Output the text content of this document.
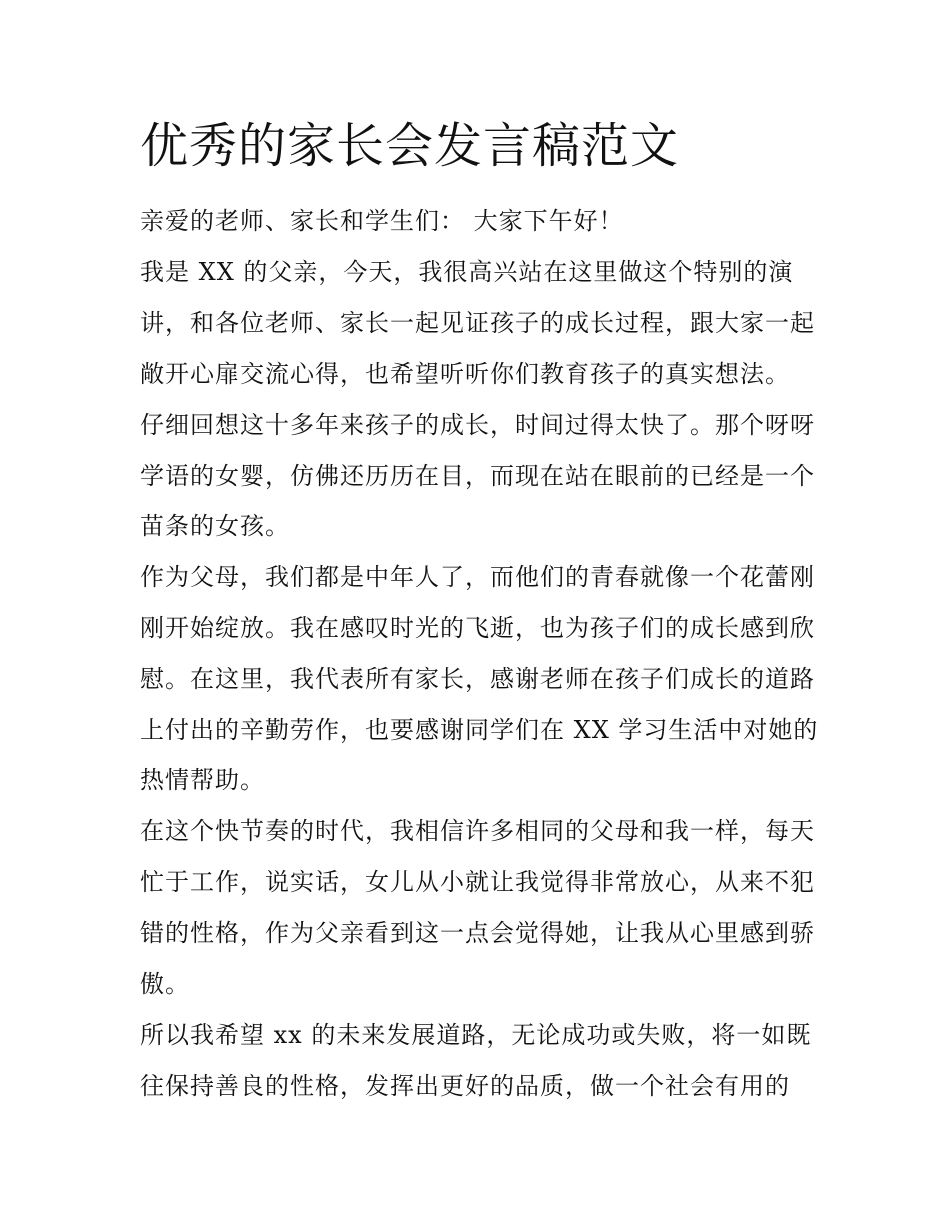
优秀的家长会发言稿范文

亲爱的老师、家长和学生们： 大家下午好！

我是 XX 的父亲，今天，我很高兴站在这里做这个特别的演

讲，和各位老师、家长一起见证孩子的成长过程，跟大家一起

敞开心扉交流心得，也希望听听你们教育孩子的真实想法。

仔细回想这十多年来孩子的成长，时间过得太快了。那个呀呀

学语的女婴，仿佛还历历在目，而现在站在眼前的已经是一个

苗条的女孩。

作为父母，我们都是中年人了，而他们的青春就像一个花蕾刚

刚开始绽放。我在感叹时光的飞逝，也为孩子们的成长感到欣

慰。在这里，我代表所有家长，感谢老师在孩子们成长的道路

上付出的辛勤劳作，也要感谢同学们在 XX 学习生活中对她的

热情帮助。

在这个快节奏的时代，我相信许多相同的父母和我一样，每天

忙于工作，说实话，女儿从小就让我觉得非常放心，从来不犯

错的性格，作为父亲看到这一点会觉得她，让我从心里感到骄

傲。

所以我希望 xx 的未来发展道路，无论成功或失败，将一如既

往保持善良的性格，发挥出更好的品质，做一个社会有用的
